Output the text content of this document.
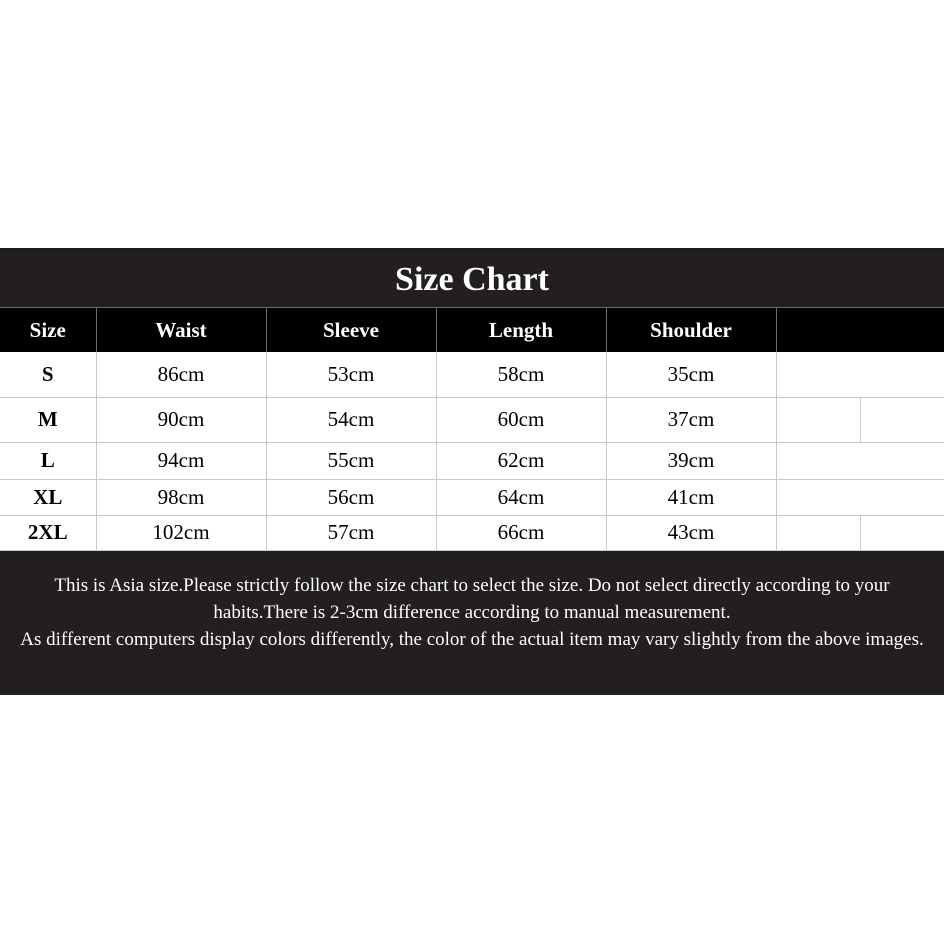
Size Chart
Size	Waist	Sleeve	Length	Shoulder	
S	86cm	53cm	58cm	35cm	
M	90cm	54cm	60cm	37cm	

L	94cm	55cm	62cm	39cm	
XL	98cm	56cm	64cm	41cm	
2XL	102cm	57cm	66cm	43cm	
This is Asia size.Please strictly follow the size chart to select the size. Do not select directly according to your habits.There is 2-3cm difference according to manual measurement.
As different computers display colors differently, the color of the actual item may vary slightly from the above images.
